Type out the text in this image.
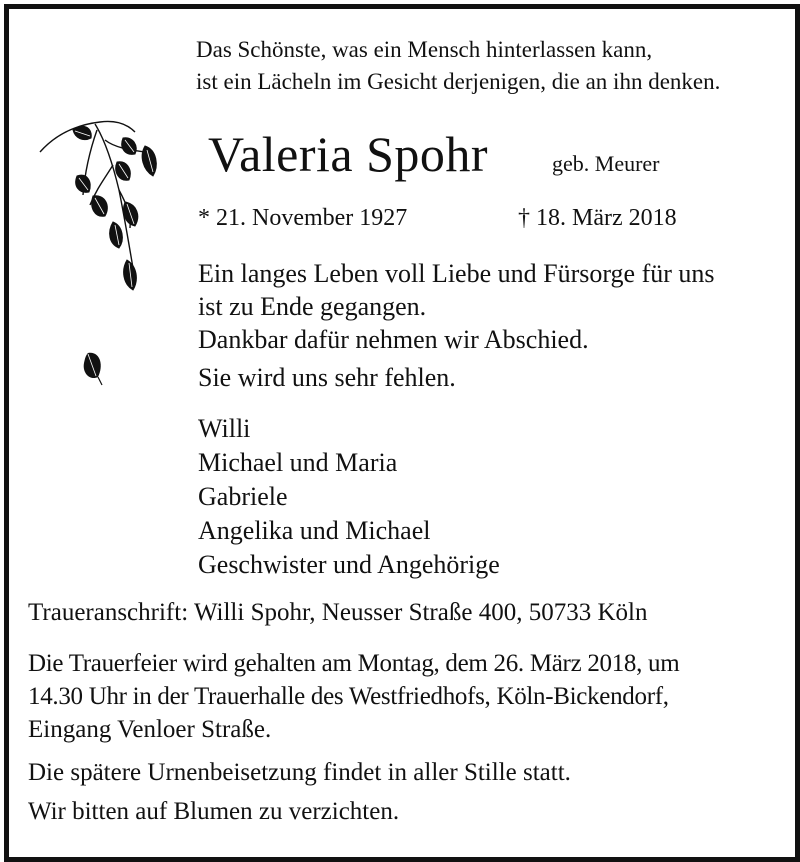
Das Schönste, was ein Mensch hinterlassen kann,
ist ein Lächeln im Gesicht derjenigen, die an ihn denken.
Valeria Spohr	geb. Meurer
* 21. November 1927	† 18. März 2018
Ein langes Leben voll Liebe und Fürsorge für uns
ist zu Ende gegangen.
Dankbar dafür nehmen wir Abschied.
Sie wird uns sehr fehlen.
Willi
Michael und Maria
Gabriele
Angelika und Michael
Geschwister und Angehörige
Traueranschrift: Willi Spohr, Neusser Straße 400, 50733 Köln
Die Trauerfeier wird gehalten am Montag, dem 26. März 2018, um
14.30 Uhr in der Trauerhalle des Westfriedhofs, Köln-Bickendorf,
Eingang Venloer Straße.
Die spätere Urnenbeisetzung findet in aller Stille statt.
Wir bitten auf Blumen zu verzichten.
